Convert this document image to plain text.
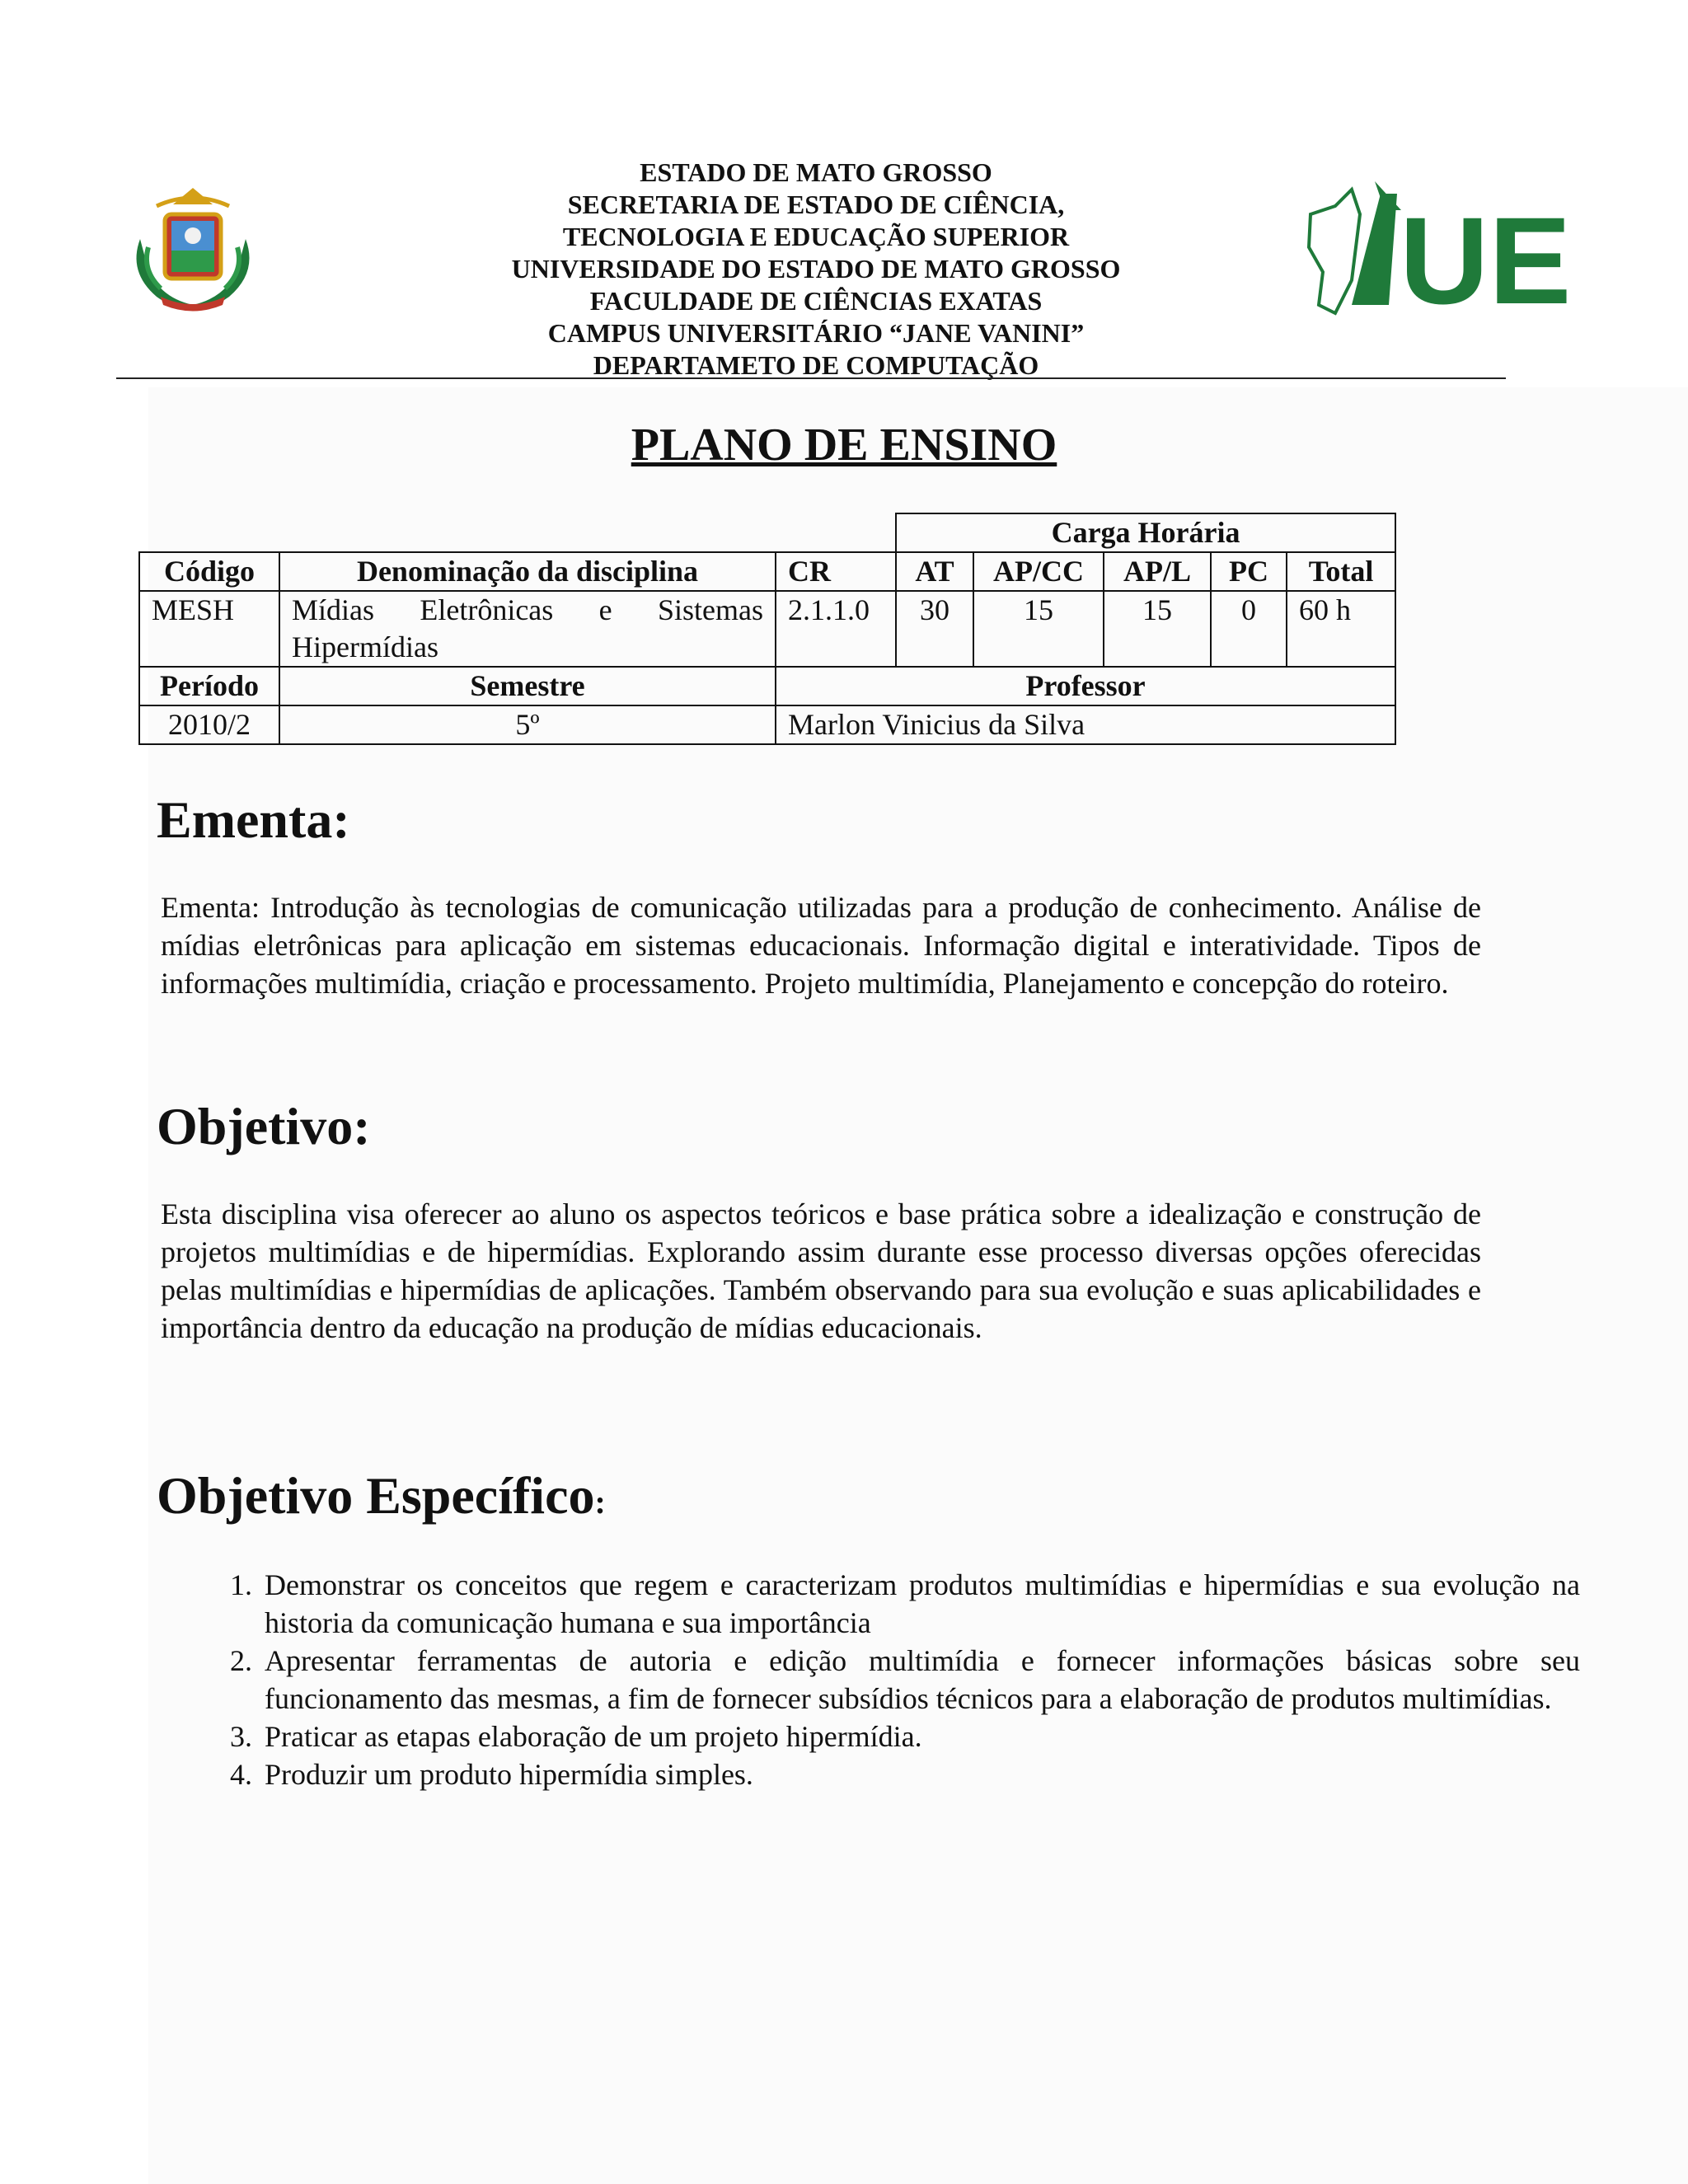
ESTADO DE MATO GROSSO
SECRETARIA DE ESTADO DE CIÊNCIA,
TECNOLOGIA E EDUCAÇÃO SUPERIOR
UNIVERSIDADE DO ESTADO DE MATO GROSSO
FACULDADE DE CIÊNCIAS EXATAS
CAMPUS UNIVERSITÁRIO “JANE VANINI”
DEPARTAMETO DE COMPUTAÇÃO
UE
PLANO DE ENSINO
			Carga Horária				
Código	Denominação da disciplina	CR	AT	AP/CC	AP/L	PC	Total
MESH	Mídias Eletrônicas e Sistemas Hipermídias	2.1.1.0	30	15	15	0	60 h
Período	Semestre	Professor					
2010/2	5º	Marlon Vinicius da Silva					
Ementa:
Ementa: Introdução às tecnologias de comunicação utilizadas para a produção de conhecimento. Análise de mídias eletrônicas para aplicação em sistemas educacionais. Informação digital e interatividade. Tipos de informações multimídia, criação e processamento. Projeto multimídia, Planejamento e concepção do roteiro.
Objetivo:
Esta disciplina visa oferecer ao aluno os aspectos teóricos e base prática sobre a idealização e construção de projetos multimídias e de hipermídias. Explorando assim durante esse processo diversas opções oferecidas pelas multimídias e hipermídias de aplicações. Também observando para sua evolução e suas aplicabilidades e importância dentro da educação na produção de mídias educacionais.
Objetivo Específico:
1. Demonstrar os conceitos que regem e caracterizam produtos multimídias e hipermídias e sua evolução na historia da comunicação humana e sua importância
2. Apresentar ferramentas de autoria e edição multimídia e fornecer informações básicas sobre seu funcionamento das mesmas, a fim de fornecer subsídios técnicos para a elaboração de produtos multimídias.
3. Praticar as etapas elaboração de um projeto hipermídia.
4. Produzir um produto hipermídia simples.
